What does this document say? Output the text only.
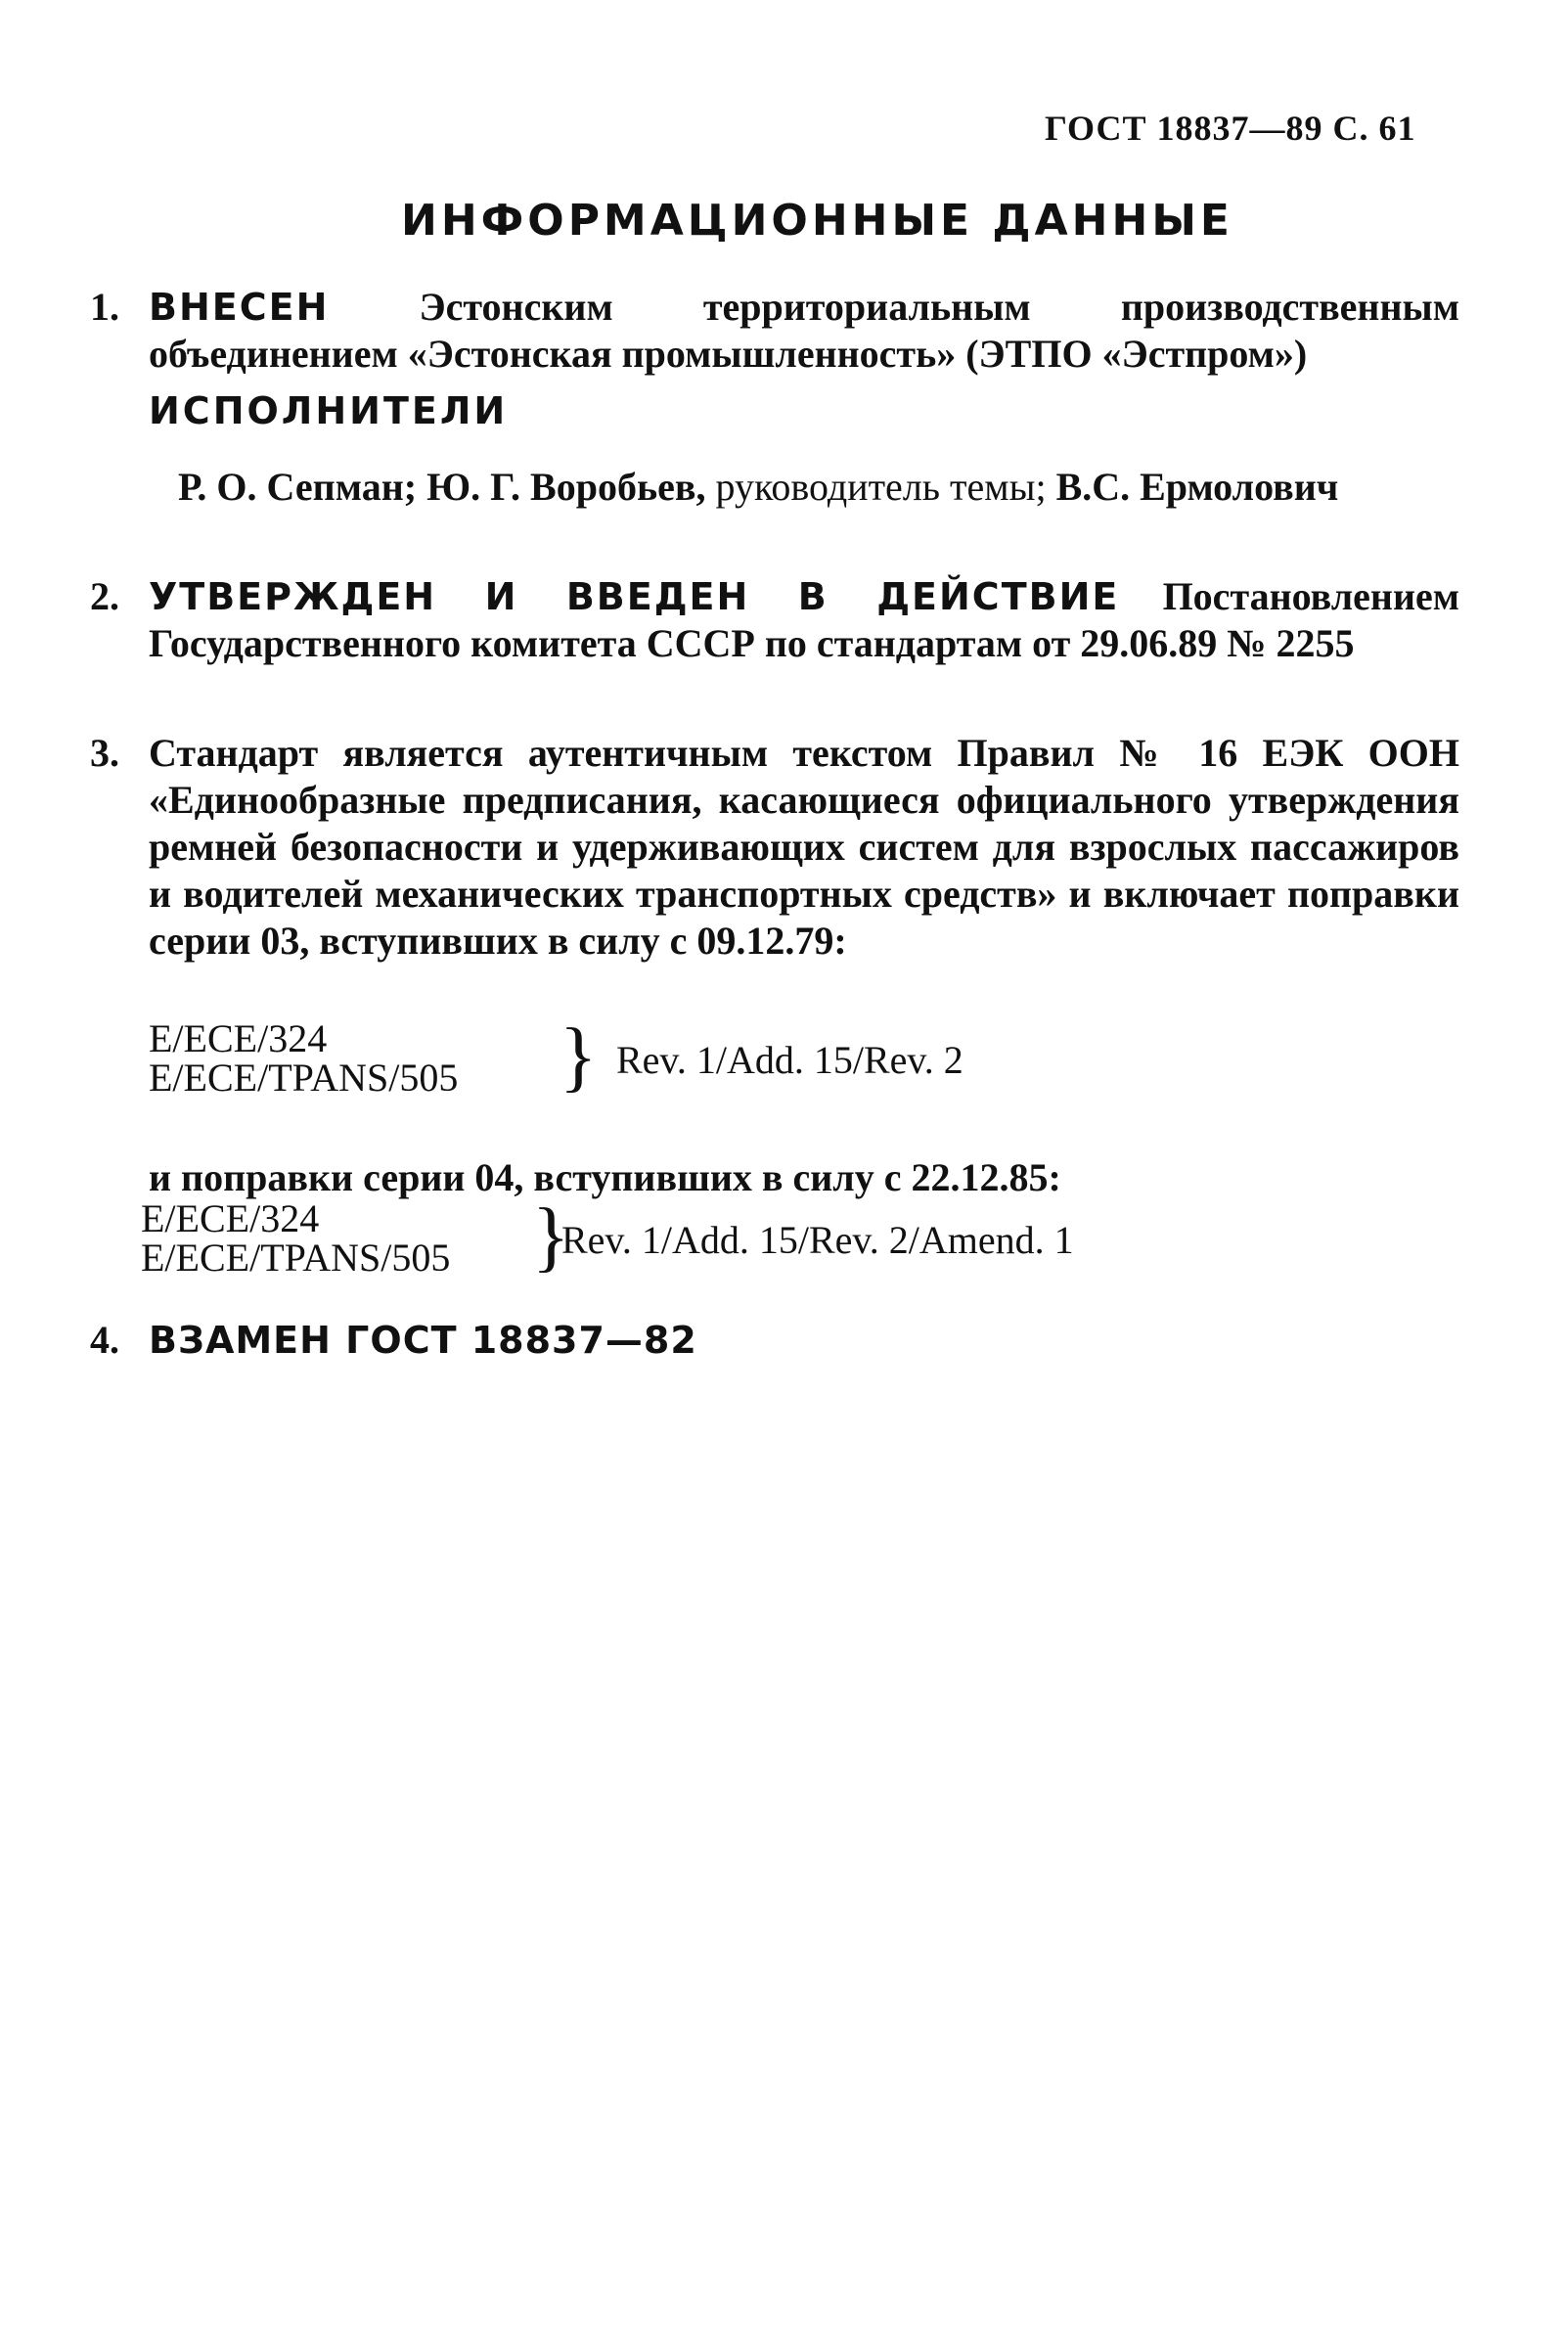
ГОСТ 18837—89 С. 61
ИНФОРМАЦИОННЫЕ ДАННЫЕ
1. ВНЕСЕН Эстонским территориальным производственным объединением «Эстонская промышленность» (ЭТПО «Эстпром»)
ИСПОЛНИТЕЛИ
Р. О. Сепман; Ю. Г. Воробьев, руководитель темы; В.С. Ермолович
2. УТВЕРЖДЕН И ВВЕДЕН В ДЕЙСТВИЕ Постановлением Государственного комитета СССР по стандартам от 29.06.89 № 2255
3. Стандарт является аутентичным текстом Правил № 16 ЕЭК ООН «Единообразные предписания, касающиеся официального утверждения ремней безопасности и удерживающих систем для взрослых пассажиров и водителей механических транспортных средств» и включает поправки серии 03, вступивших в силу с 09.12.79:
E/ECE/324
E/ECE/TPANS/505 } Rev. 1/Add. 15/Rev. 2
и поправки серии 04, вступивших в силу с 22.12.85:
E/ECE/324
E/ECE/TPANS/505 }
Rev. 1/Add. 15/Rev. 2/Amend. 1
4. ВЗАМЕН ГОСТ 18837—82
